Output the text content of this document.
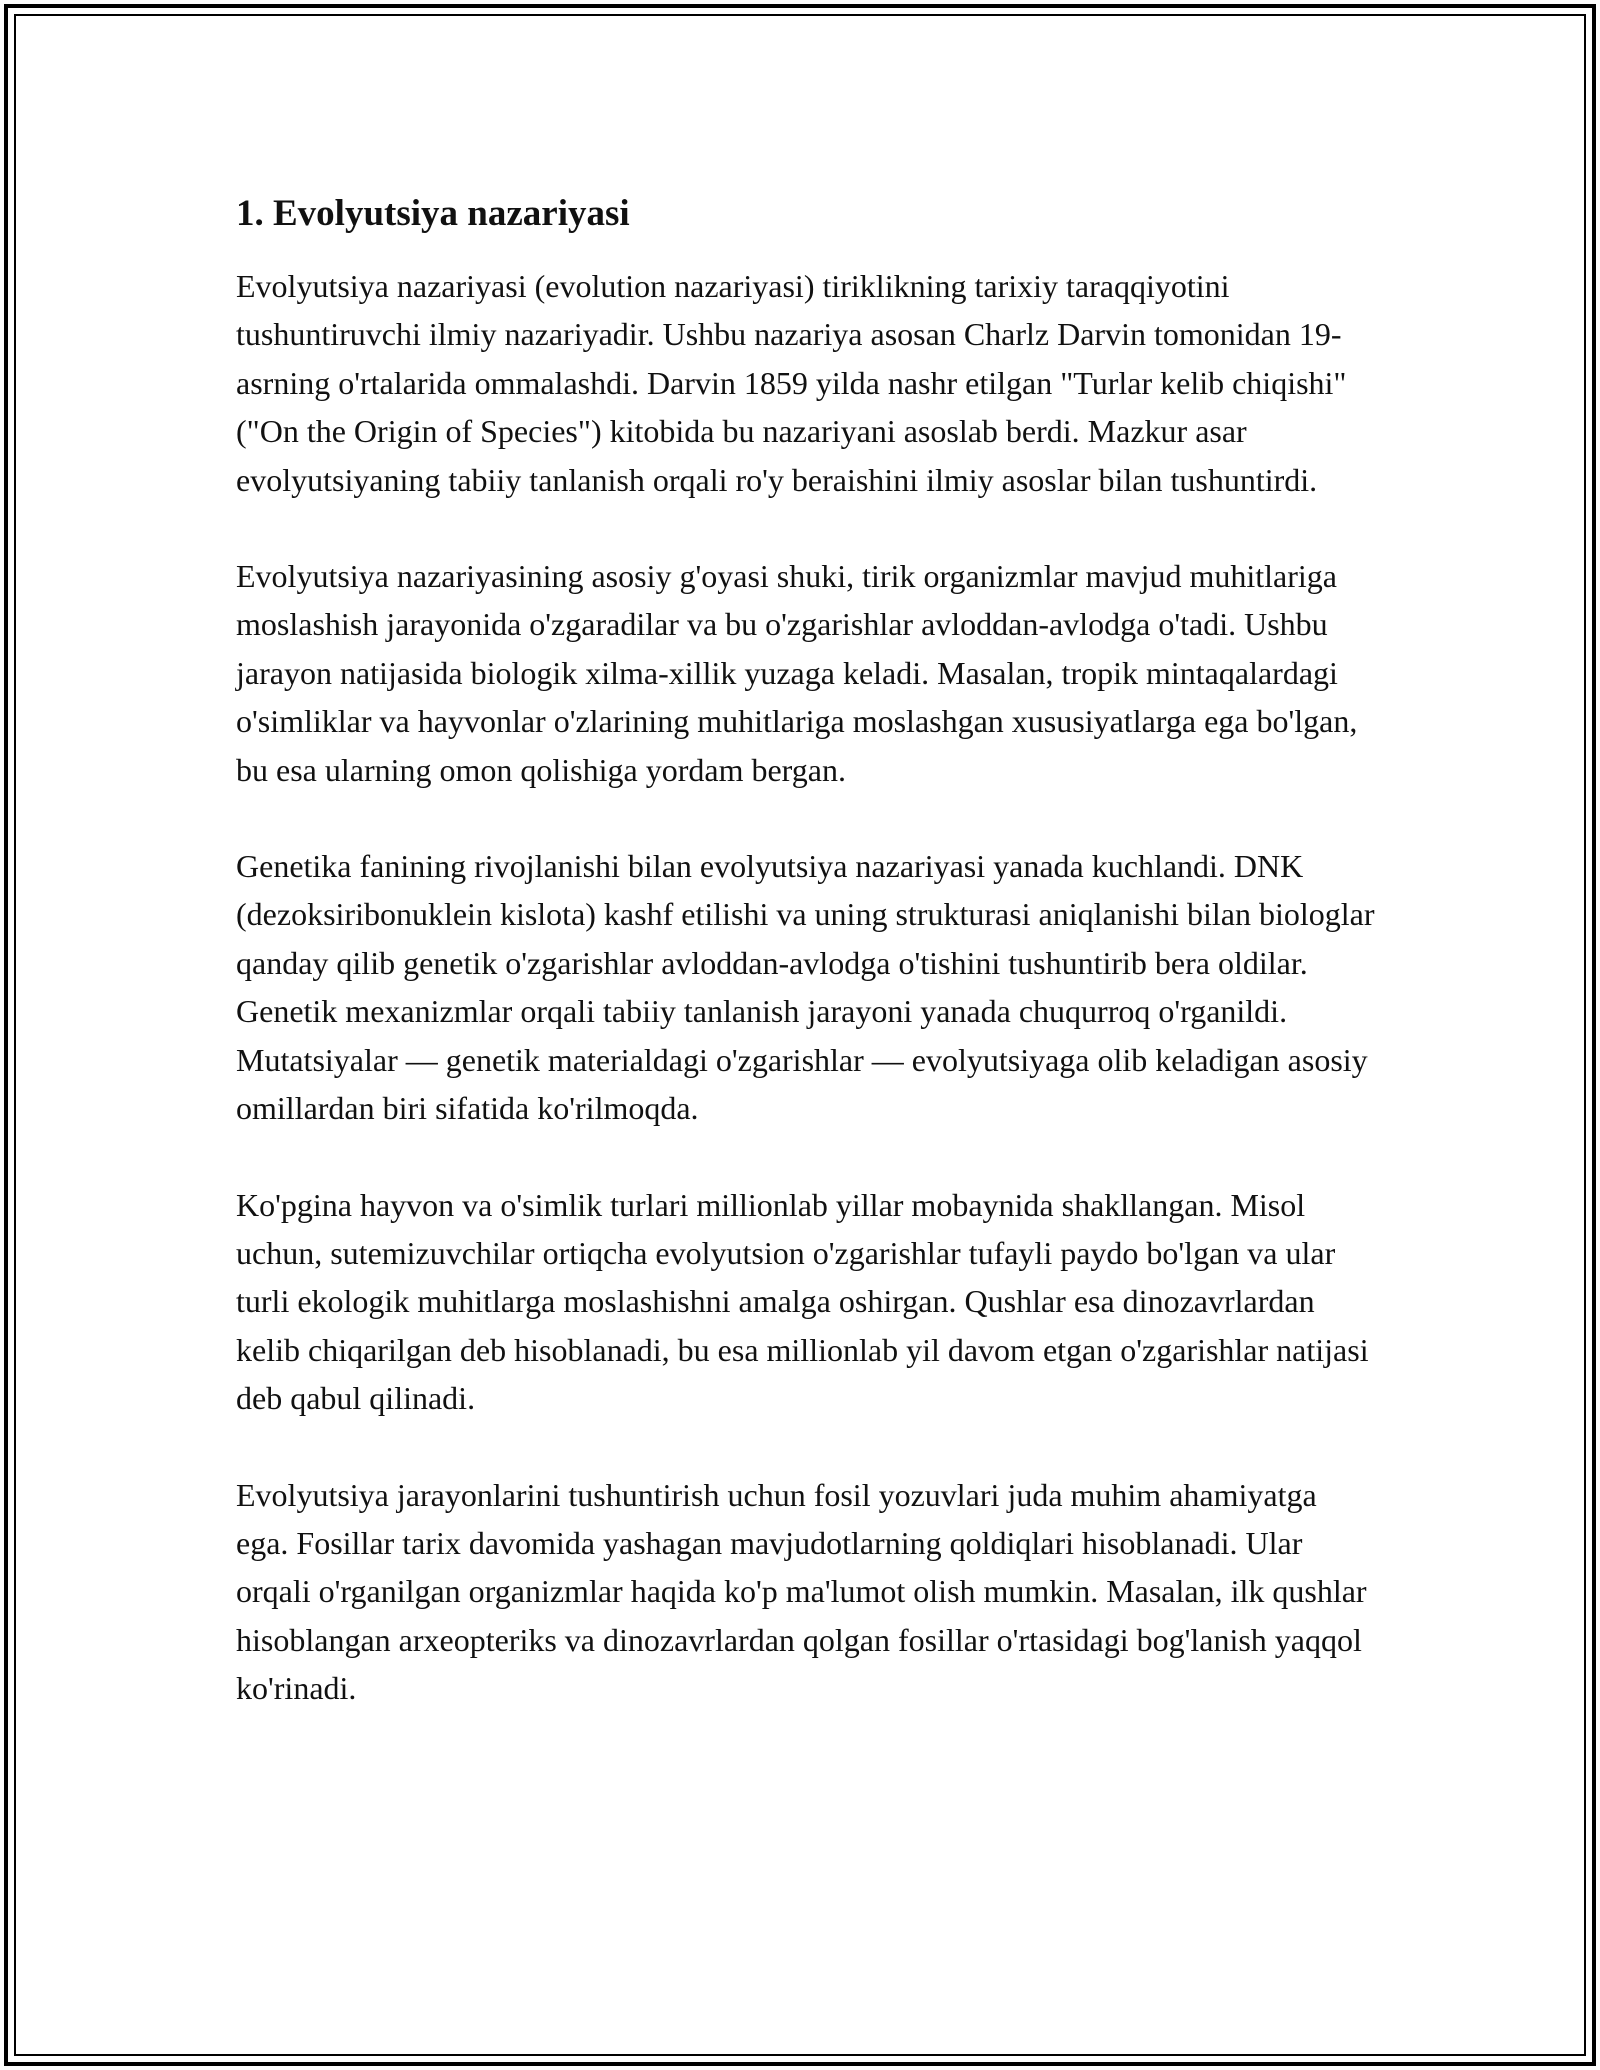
1. Evolyutsiya nazariyasi

Evolyutsiya nazariyasi (evolution nazariyasi) tiriklikning tarixiy taraqqiyotini tushuntiruvchi ilmiy nazariyadir. Ushbu nazariya asosan Charlz Darvin tomonidan 19-asrning o'rtalarida ommalashdi. Darvin 1859 yilda nashr etilgan "Turlar kelib chiqishi" ("On the Origin of Species") kitobida bu nazariyani asoslab berdi. Mazkur asar evolyutsiyaning tabiiy tanlanish orqali ro'y beraishini ilmiy asoslar bilan tushuntirdi.

Evolyutsiya nazariyasining asosiy g'oyasi shuki, tirik organizmlar mavjud muhitlariga moslashish jarayonida o'zgaradilar va bu o'zgarishlar avloddan-avlodga o'tadi. Ushbu jarayon natijasida biologik xilma-xillik yuzaga keladi. Masalan, tropik mintaqalardagi o'simliklar va hayvonlar o'zlarining muhitlariga moslashgan xususiyatlarga ega bo'lgan, bu esa ularning omon qolishiga yordam bergan.

Genetika fanining rivojlanishi bilan evolyutsiya nazariyasi yanada kuchlandi. DNK (dezoksiribonuklein kislota) kashf etilishi va uning strukturasi aniqlanishi bilan biologlar qanday qilib genetik o'zgarishlar avloddan-avlodga o'tishini tushuntirib bera oldilar. Genetik mexanizmlar orqali tabiiy tanlanish jarayoni yanada chuqurroq o'rganildi. Mutatsiyalar — genetik materialdagi o'zgarishlar — evolyutsiyaga olib keladigan asosiy omillardan biri sifatida ko'rilmoqda.

Ko'pgina hayvon va o'simlik turlari millionlab yillar mobaynida shakllangan. Misol uchun, sutemizuvchilar ortiqcha evolyutsion o'zgarishlar tufayli paydo bo'lgan va ular turli ekologik muhitlarga moslashishni amalga oshirgan. Qushlar esa dinozavrlardan kelib chiqarilgan deb hisoblanadi, bu esa millionlab yil davom etgan o'zgarishlar natijasi deb qabul qilinadi.

Evolyutsiya jarayonlarini tushuntirish uchun fosil yozuvlari juda muhim ahamiyatga ega. Fosillar tarix davomida yashagan mavjudotlarning qoldiqlari hisoblanadi. Ular orqali o'rganilgan organizmlar haqida ko'p ma'lumot olish mumkin. Masalan, ilk qushlar hisoblangan arxeopteriks va dinozavrlardan qolgan fosillar o'rtasidagi bog'lanish yaqqol ko'rinadi.
